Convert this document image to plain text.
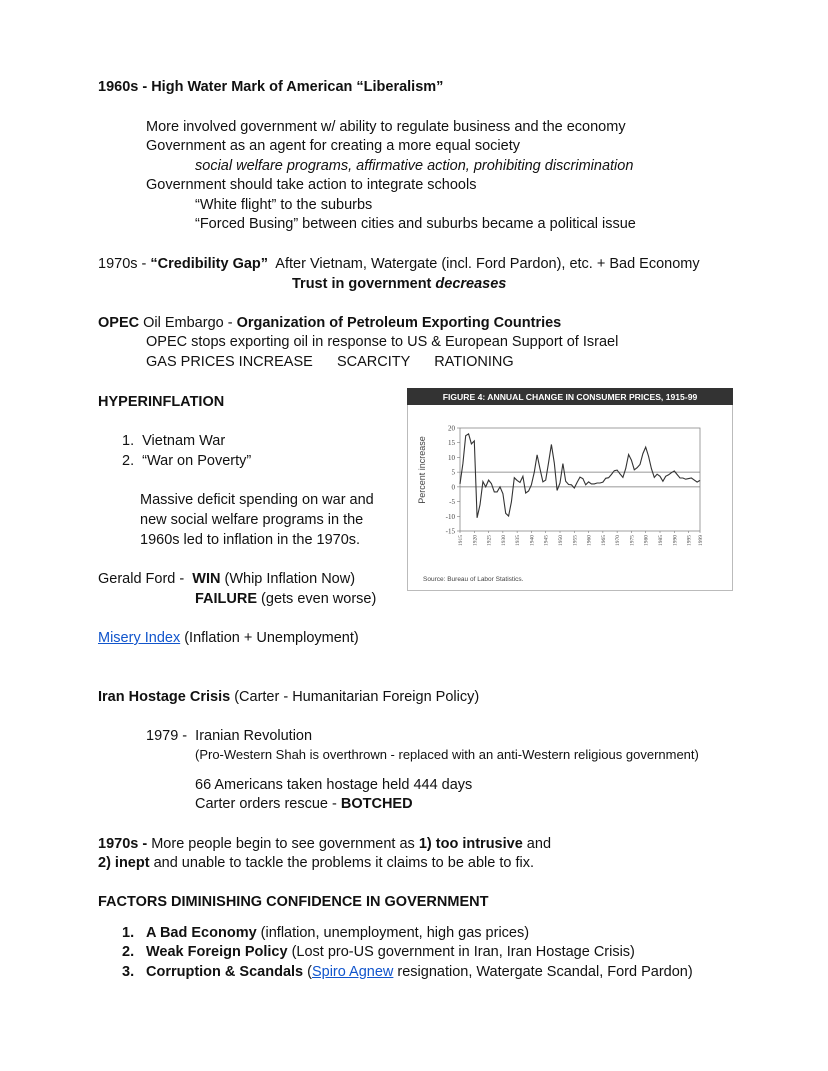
1960s - High Water Mark of American “Liberalism”
More involved government w/ ability to regulate business and the economy
Government as an agent for creating a more equal society
social welfare programs, affirmative action, prohibiting discrimination
Government should take action to integrate schools
“White flight” to the suburbs
“Forced Busing” between cities and suburbs became a political issue
1970s - “Credibility Gap”  After Vietnam, Watergate (incl. Ford Pardon), etc. + Bad Economy
Trust in government decreases
OPEC Oil Embargo - Organization of Petroleum Exporting Countries
OPEC stops exporting oil in response to US & European Support of Israel
GAS PRICES INCREASE      SCARCITY      RATIONING
HYPERINFLATION
1.  Vietnam War
2.  “War on Poverty”
Massive deficit spending on war and
new social welfare programs in the
1960s led to inflation in the 1970s.
Gerald Ford -  WIN (Whip Inflation Now)
FAILURE (gets even worse)
Misery Index (Inflation + Unemployment)
Iran Hostage Crisis (Carter - Humanitarian Foreign Policy)
1979 -  Iranian Revolution
(Pro-Western Shah is overthrown - replaced with an anti-Western religious government)
66 Americans taken hostage held 444 days
Carter orders rescue - BOTCHED
1970s - More people begin to see government as 1) too intrusive and
2) inept and unable to tackle the problems it claims to be able to fix.
FACTORS DIMINISHING CONFIDENCE IN GOVERNMENT
1. A Bad Economy (inflation, unemployment, high gas prices)
2. Weak Foreign Policy (Lost pro-US government in Iran, Iran Hostage Crisis)
3. Corruption & Scandals (Spiro Agnew resignation, Watergate Scandal, Ford Pardon)
FIGURE 4: ANNUAL CHANGE IN CONSUMER PRICES, 1915-99
Percent increase
20
15
10
5
0
-5
-10
-15
1915 1920 1925 1930 1935 1940 1945 1950 1955 1960 1965 1970 1975 1980 1985 1990 1995 1999
Source: Bureau of Labor Statistics.
